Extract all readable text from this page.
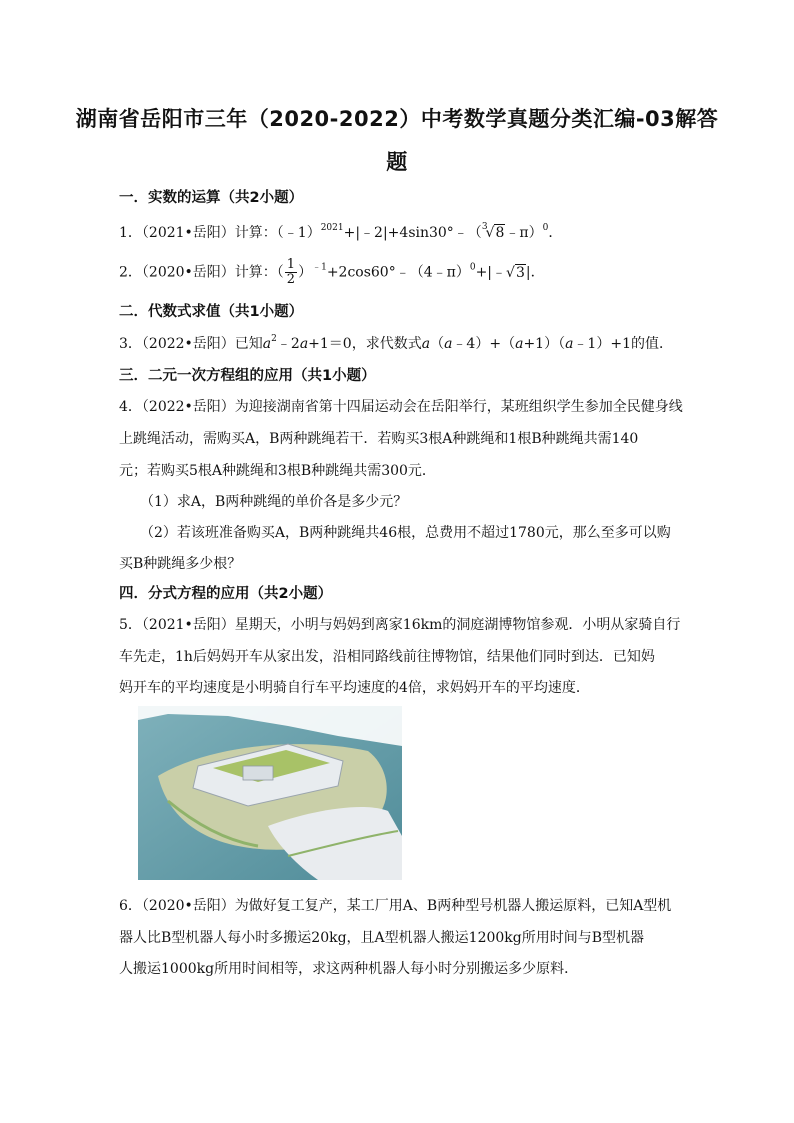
湖南省岳阳市三年（2020-2022）中考数学真题分类汇编-03解答
题
一．实数的运算（共2小题）
1．（2021•岳阳）计算：（﹣1）$^{2021}$+|﹣2|+4sin30°﹣（$^3$√8﹣π）$^0$．
2．（2020•岳阳）计算：（ $\frac{1}{2}$ ）$^{﹣1}$+2cos60°﹣（4﹣π）$^0$+|﹣√3|．
二．代数式求值（共1小题）
3．（2022•岳阳）已知$a^2﹣2a+1=0$，求代数式a（a﹣4）+（a+1）（a﹣1）+1的值．
三．二元一次方程组的应用（共1小题）
4．（2022•岳阳）为迎接湖南省第十四届运动会在岳阳举行，某班组织学生参加全民健身线
上跳绳活动，需购买A，B两种跳绳若干．若购买3根A种跳绳和1根B种跳绳共需140
元；若购买5根A种跳绳和3根B种跳绳共需300元．
（1）求A，B两种跳绳的单价各是多少元？
（2）若该班准备购买A，B两种跳绳共46根，总费用不超过1780元，那么至多可以购
买B种跳绳多少根？
四．分式方程的应用（共2小题）
5．（2021•岳阳）星期天，小明与妈妈到离家16km的洞庭湖博物馆参观．小明从家骑自行
车先走，1h后妈妈开车从家出发，沿相同路线前往博物馆，结果他们同时到达．已知妈
妈开车的平均速度是小明骑自行车平均速度的4倍，求妈妈开车的平均速度．
6．（2020•岳阳）为做好复工复产，某工厂用A、B两种型号机器人搬运原料，已知A型机
器人比B型机器人每小时多搬运20kg，且A型机器人搬运1200kg所用时间与B型机器
人搬运1000kg所用时间相等，求这两种机器人每小时分别搬运多少原料．
